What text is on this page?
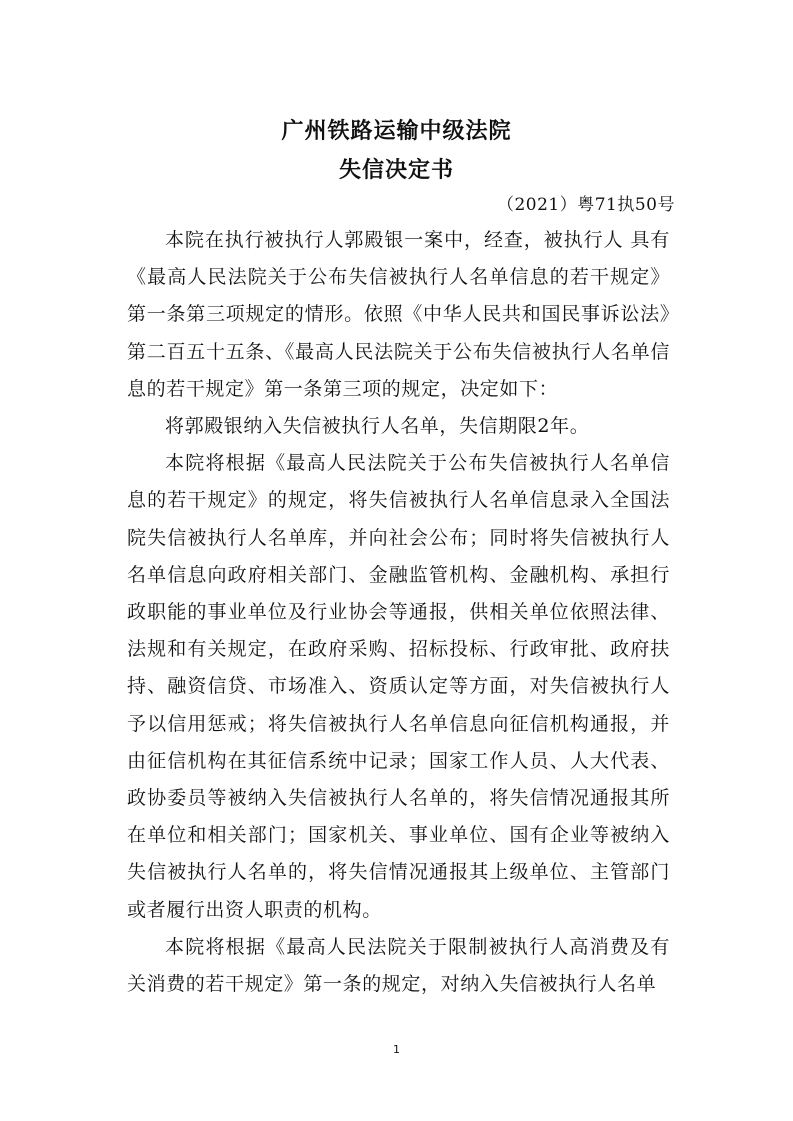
广州铁路运输中级法院
失信决定书

（2021）粤71执50号

本院在执行被执行人郭殿银一案中，经查，被执行人 具有《最高人民法院关于公布失信被执行人名单信息的若干规定》第一条第三项规定的情形。依照《中华人民共和国民事诉讼法》第二百五十五条、《最高人民法院关于公布失信被执行人名单信息的若干规定》第一条第三项的规定，决定如下：

将郭殿银纳入失信被执行人名单，失信期限2年。

本院将根据《最高人民法院关于公布失信被执行人名单信息的若干规定》的规定，将失信被执行人名单信息录入全国法院失信被执行人名单库，并向社会公布；同时将失信被执行人名单信息向政府相关部门、金融监管机构、金融机构、承担行政职能的事业单位及行业协会等通报，供相关单位依照法律、法规和有关规定，在政府采购、招标投标、行政审批、政府扶持、融资信贷、市场准入、资质认定等方面，对失信被执行人予以信用惩戒；将失信被执行人名单信息向征信机构通报，并由征信机构在其征信系统中记录；国家工作人员、人大代表、政协委员等被纳入失信被执行人名单的，将失信情况通报其所在单位和相关部门；国家机关、事业单位、国有企业等被纳入失信被执行人名单的，将失信情况通报其上级单位、主管部门或者履行出资人职责的机构。

本院将根据《最高人民法院关于限制被执行人高消费及有关消费的若干规定》第一条的规定，对纳入失信被执行人名单

1
